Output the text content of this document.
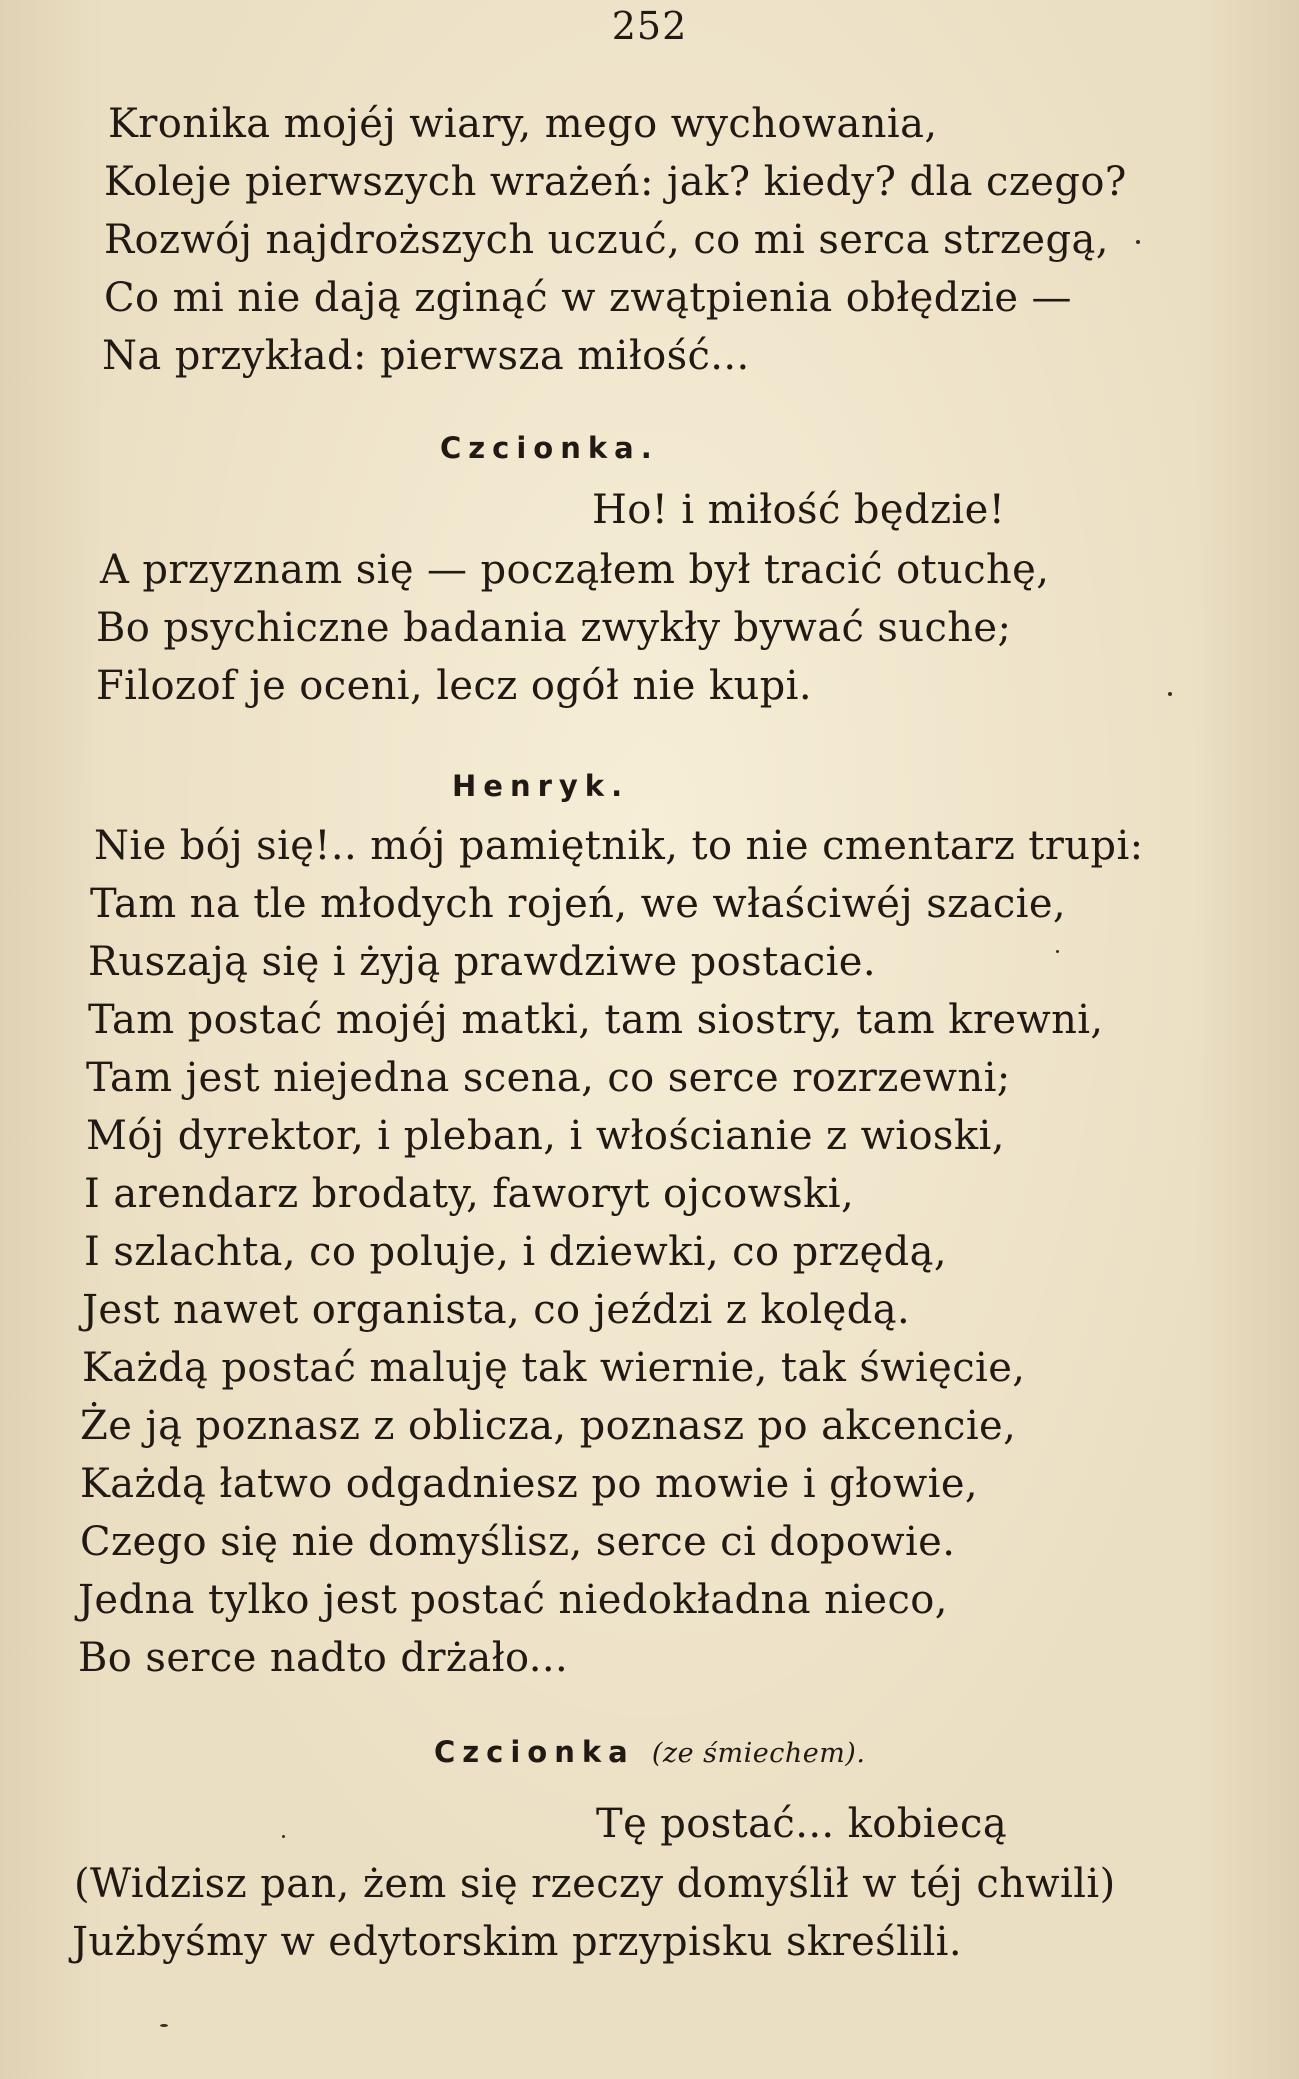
252
Kronika mojéj wiary, mego wychowania,
Koleje pierwszych wrażeń: jak? kiedy? dla czego?
Rozwój najdroższych uczuć, co mi serca strzegą,
Co mi nie dają zginąć w zwątpienia obłędzie —
Na przykład: pierwsza miłość...
Czcionka.
Ho! i miłość będzie!
A przyznam się — począłem był tracić otuchę,
Bo psychiczne badania zwykły bywać suche;
Filozof je oceni, lecz ogół nie kupi.
Henryk.
Nie bój się!.. mój pamiętnik, to nie cmentarz trupi:
Tam na tle młodych rojeń, we właściwéj szacie,
Ruszają się i żyją prawdziwe postacie.
Tam postać mojéj matki, tam siostry, tam krewni,
Tam jest niejedna scena, co serce rozrzewni;
Mój dyrektor, i pleban, i włościanie z wioski,
I arendarz brodaty, faworyt ojcowski,
I szlachta, co poluje, i dziewki, co przędą,
Jest nawet organista, co jeździ z kolędą.
Każdą postać maluję tak wiernie, tak święcie,
Że ją poznasz z oblicza, poznasz po akcencie,
Każdą łatwo odgadniesz po mowie i głowie,
Czego się nie domyślisz, serce ci dopowie.
Jedna tylko jest postać niedokładna nieco,
Bo serce nadto drżało...
Czcionka (ze śmiechem).
Tę postać... kobiecą
(Widzisz pan, żem się rzeczy domyślił w téj chwili)
Jużbyśmy w edytorskim przypisku skreślili.
